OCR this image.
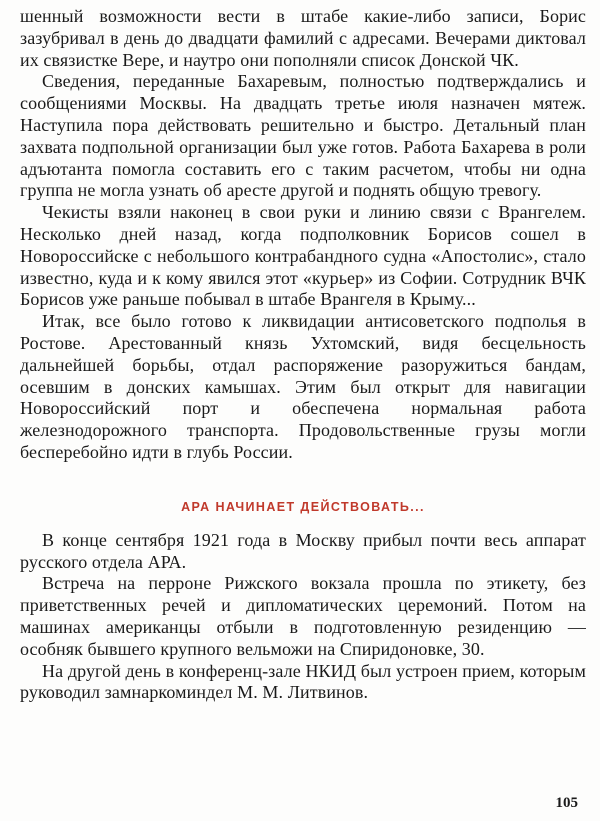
шенный возможности вести в штабе какие-либо записи, Борис зазубривал в день до двадцати фамилий с адресами. Вечерами диктовал их связистке Вере, и наутро они пополняли список Донской ЧК.

Сведения, переданные Бахаревым, полностью подтверждались и сообщениями Москвы. На двадцать третье июля назначен мятеж. Наступила пора действовать решительно и быстро. Детальный план захвата подпольной организации был уже готов. Работа Бахарева в роли адъютанта помогла составить его с таким расчетом, чтобы ни одна группа не могла узнать об аресте другой и поднять общую тревогу.

Чекисты взяли наконец в свои руки и линию связи с Врангелем. Несколько дней назад, когда подполковник Борисов сошел в Новороссийске с небольшого контрабандного судна «Апостолис», стало известно, куда и к кому явился этот «курьер» из Софии. Сотрудник ВЧК Борисов уже раньше побывал в штабе Врангеля в Крыму...

Итак, все было готово к ликвидации антисоветского подполья в Ростове. Арестованный князь Ухтомский, видя бесцельность дальнейшей борьбы, отдал распоряжение разоружиться бандам, осевшим в донских камышах. Этим был открыт для навигации Новороссийский порт и обеспечена нормальная работа железнодорожного транспорта. Продовольственные грузы могли бесперебойно идти в глубь России.

АРА НАЧИНАЕТ ДЕЙСТВОВАТЬ...

В конце сентября 1921 года в Москву прибыл почти весь аппарат русского отдела АРА.

Встреча на перроне Рижского вокзала прошла по этикету, без приветственных речей и дипломатических церемоний. Потом на машинах американцы отбыли в подготовленную резиденцию — особняк бывшего крупного вельможи на Спиридоновке, 30.

На другой день в конференц-зале НКИД был устроен прием, которым руководил замнаркоминдел М. М. Литвинов.

105
